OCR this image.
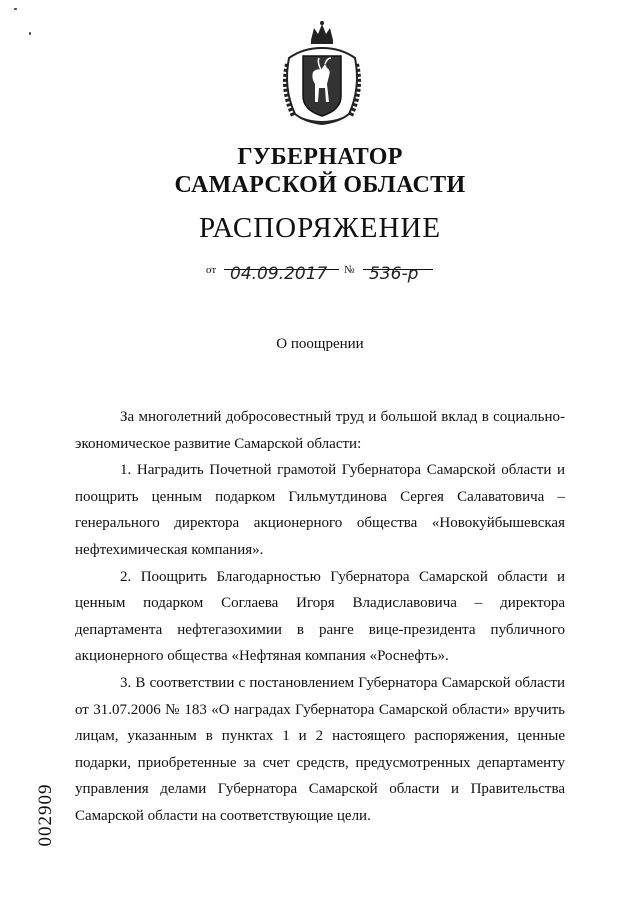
ГУБЕРНАТОР
САМАРСКОЙ ОБЛАСТИ
РАСПОРЯЖЕНИЕ
от 04.09.2017 № 536-р
О поощрении

За многолетний добросовестный труд и большой вклад в социально-экономическое развитие Самарской области:

1. Наградить Почетной грамотой Губернатора Самарской области и поощрить ценным подарком Гильмутдинова Сергея Салаватовича – генерального директора акционерного общества «Новокуйбышевская нефтехимическая компания».

2. Поощрить Благодарностью Губернатора Самарской области и ценным подарком Соглаева Игоря Владиславовича – директора департамента нефтегазохимии в ранге вице-президента публичного акционерного общества «Нефтяная компания «Роснефть».

3. В соответствии с постановлением Губернатора Самарской области от 31.07.2006 № 183 «О наградах Губернатора Самарской области» вручить лицам, указанным в пунктах 1 и 2 настоящего распоряжения, ценные подарки, приобретенные за счет средств, предусмотренных департаменту управления делами Губернатора Самарской области и Правительства Самарской области на соответствующие цели.

002909
